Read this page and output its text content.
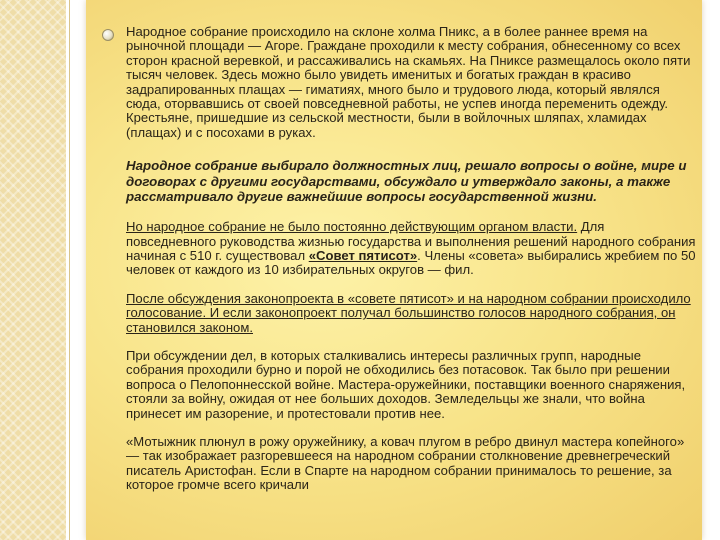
Народное собрание происходило на склоне холма Пникс, а в более раннее время на рыночной площади — Агоре. Граждане проходили к месту собрания, обнесенному со всех сторон красной веревкой, и рассаживались на скамьях. На Пниксе размещалось около пяти тысяч человек. Здесь можно было увидеть именитых и богатых граждан в красиво задрапированных плащах — гиматиях, много было и трудового люда, который являлся сюда, оторвавшись от своей повседневной работы, не успев иногда переменить одежду. Крестьяне, пришедшие из сельской местности, были в войлочных шляпах, хламидах (плащах) и с посохами в руках.

Народное собрание выбирало должностных лиц, решало вопросы о войне, мире и договорах с другими государствами, обсуждало и утверждало законы, а также рассматривало другие важнейшие вопросы государственной жизни.

Но народное собрание не было постоянно действующим органом власти. Для повседневного руководства жизнью государства и выполнения решений народного собрания начиная с 510 г. существовал «Совет пятисот». Члены «совета» выбирались жребием по 50 человек от каждого из 10 избирательных округов — фил.

После обсуждения законопроекта в «совете пятисот» и на народном собрании происходило голосование. И если законопроект получал большинство голосов народного собрания, он становился законом.

При обсуждении дел, в которых сталкивались интересы различных групп, народные собрания проходили бурно и порой не обходились без потасовок. Так было при решении вопроса о Пелопоннесской войне. Мастера-оружейники, поставщики военного снаряжения, стояли за войну, ожидая от нее больших доходов. Земледельцы же знали, что война принесет им разорение, и протестовали против нее.

«Мотыжник плюнул в рожу оружейнику, а ковач плугом в ребро двинул мастера копейного» — так изображает разгоревшееся на народном собрании столкновение древнегреческий писатель Аристофан. Если в Спарте на народном собрании принималось то решение, за которое громче всего кричали
